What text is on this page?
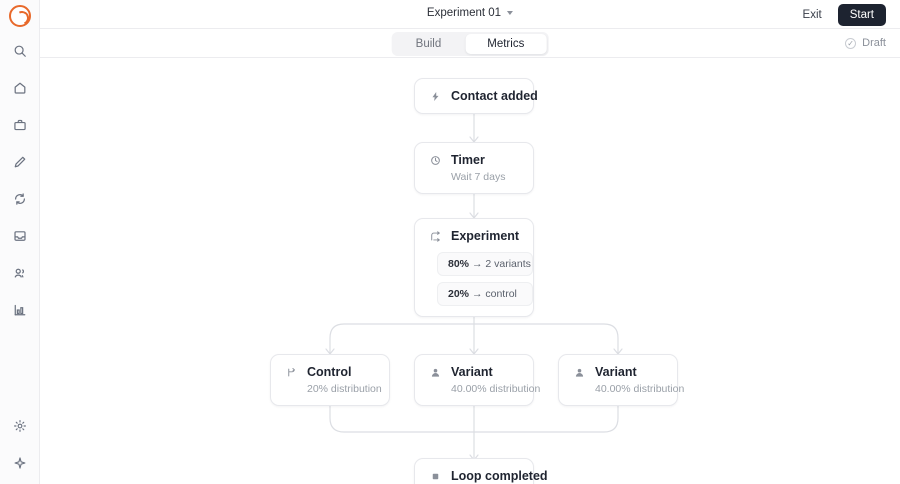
Experiment 01	Exit	Start
Build	Metrics	✓ Draft
Contact added
Timer
Wait 7 days
Experiment
80% → 2 variants
20% → control
Control
20% distribution
Variant
40.00% distribution
Variant
40.00% distribution
Loop completed
